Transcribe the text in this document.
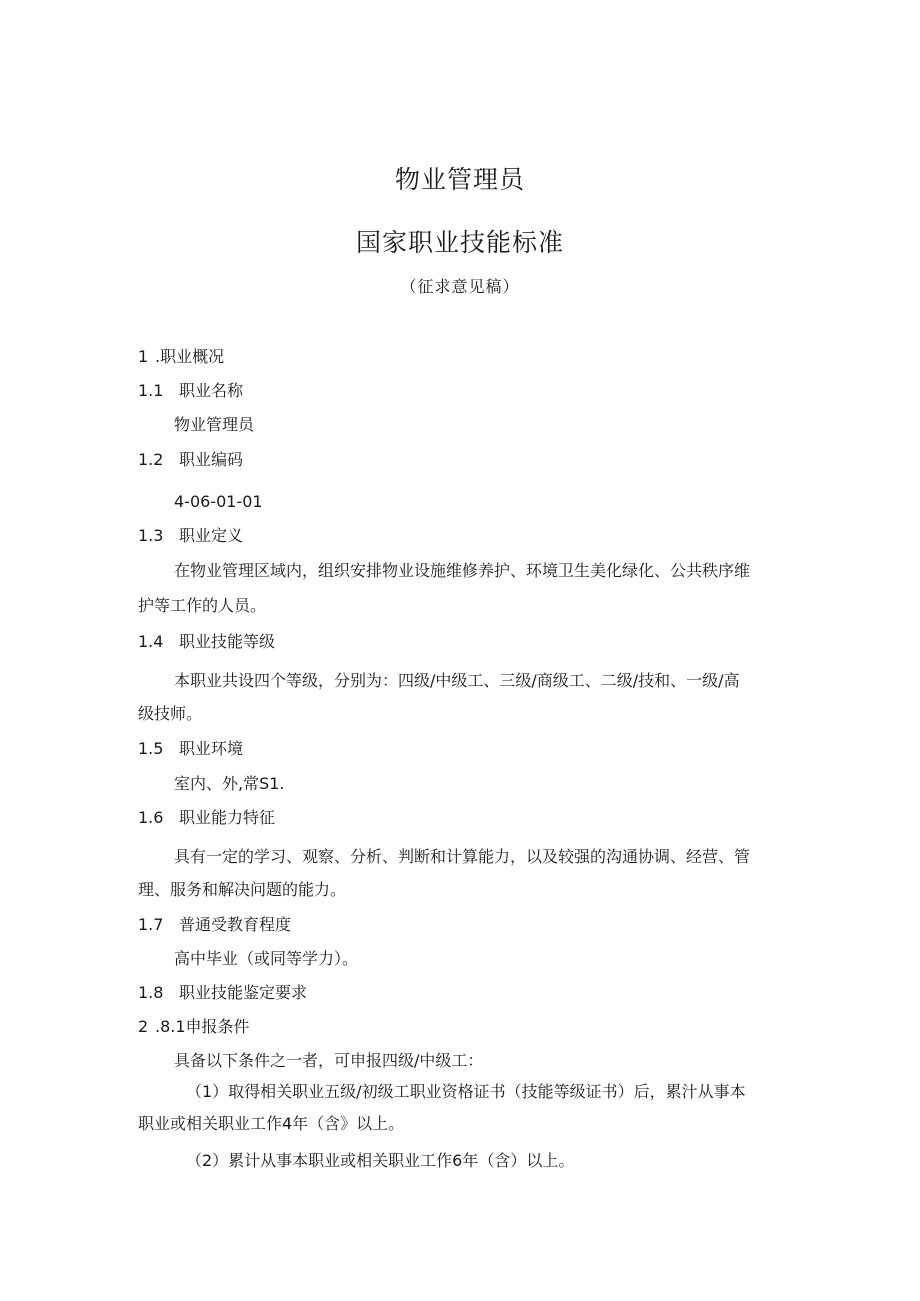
物业管理员
国家职业技能标准
（征求意见稿）
1 .职业概况
1.1 职业名称
物业管理员
1.2 职业编码
4-06-01-01
1.3 职业定义
在物业管理区域内，组织安排物业设施维修养护、环境卫生美化绿化、公共秩序维
护等工作的人员。
1.4 职业技能等级
本职业共设四个等级，分别为：四级/中级工、三级/商级工、二级/技和、一级/高
级技师。
1.5 职业环境
室内、外,常S1.
1.6 职业能力特征
具有一定的学习、观察、分析、判断和计算能力，以及较强的沟通协调、经营、管
理、服务和解决问题的能力。
1.7 普通受教育程度
高中毕业（或同等学力）。
1.8 职业技能鉴定要求
2 .8.1申报条件
具备以下条件之一者，可申报四级/中级工：
（1）取得相关职业五级/初级工职业资格证书（技能等级证书）后，累汁从事本
职业或相关职业工作4年（含》以上。
（2）累计从事本职业或相关职业工作6年（含）以上。
